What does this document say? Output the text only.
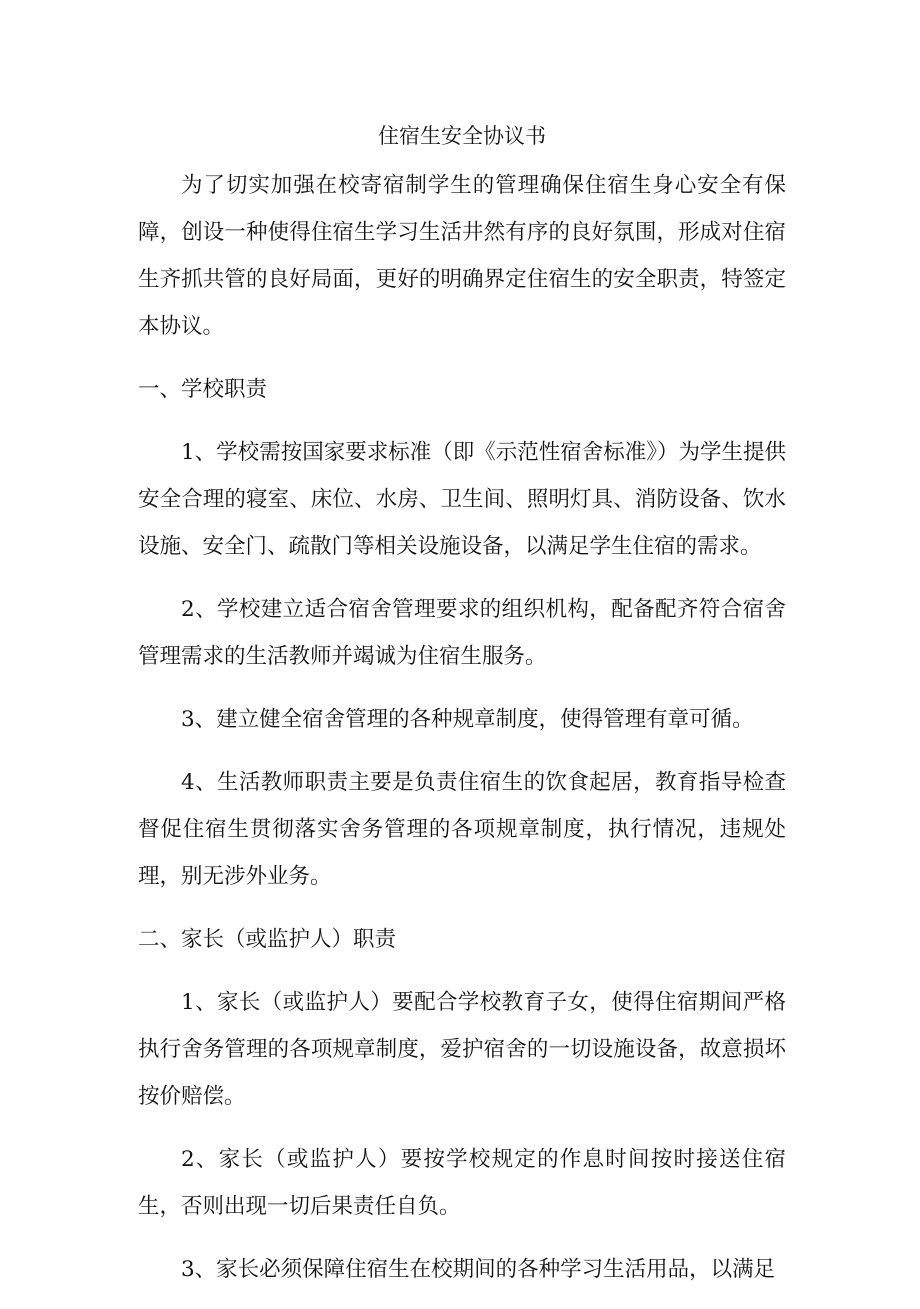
住宿生安全协议书

为了切实加强在校寄宿制学生的管理确保住宿生身心安全有保障，创设一种使得住宿生学习生活井然有序的良好氛围，形成对住宿生齐抓共管的良好局面，更好的明确界定住宿生的安全职责，特签定本协议。

一、学校职责

1、学校需按国家要求标准（即《示范性宿舍标准》）为学生提供安全合理的寝室、床位、水房、卫生间、照明灯具、消防设备、饮水设施、安全门、疏散门等相关设施设备，以满足学生住宿的需求。

2、学校建立适合宿舍管理要求的组织机构，配备配齐符合宿舍管理需求的生活教师并竭诚为住宿生服务。

3、建立健全宿舍管理的各种规章制度，使得管理有章可循。

4、生活教师职责主要是负责住宿生的饮食起居，教育指导检查督促住宿生贯彻落实舍务管理的各项规章制度，执行情况，违规处理，别无涉外业务。

二、家长（或监护人）职责

1、家长（或监护人）要配合学校教育子女，使得住宿期间严格执行舍务管理的各项规章制度，爱护宿舍的一切设施设备，故意损坏按价赔偿。

2、家长（或监护人）要按学校规定的作息时间按时接送住宿生，否则出现一切后果责任自负。

3、家长必须保障住宿生在校期间的各种学习生活用品，以满足
